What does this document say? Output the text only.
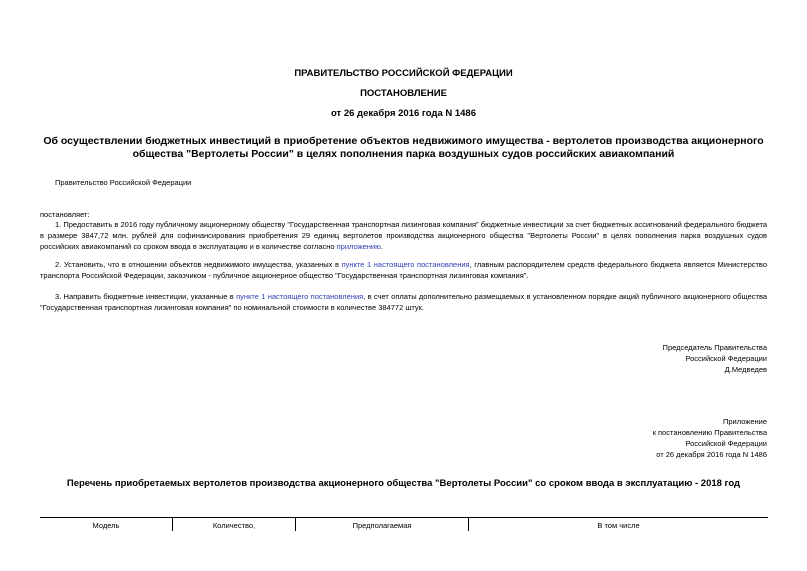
ПРАВИТЕЛЬСТВО РОССИЙСКОЙ ФЕДЕРАЦИИ
ПОСТАНОВЛЕНИЕ
от 26 декабря 2016 года N 1486
Об осуществлении бюджетных инвестиций в приобретение объектов недвижимого имущества - вертолетов производства акционерного общества "Вертолеты России" в целях пополнения парка воздушных судов российских авиакомпаний
Правительство Российской Федерации
постановляет:
1. Предоставить в 2016 году публичному акционерному обществу "Государственная транспортная лизинговая компания" бюджетные инвестиции за счет бюджетных ассигнований федерального бюджета в размере 3847,72 млн. рублей для софинансирования приобретения 29 единиц вертолетов производства акционерного общества "Вертолеты России" в целях пополнения парка воздушных судов российских авиакомпаний со сроком ввода в эксплуатацию и в количестве согласно приложению.
2. Установить, что в отношении объектов недвижимого имущества, указанных в пункте 1 настоящего постановления, главным распорядителем средств федерального бюджета является Министерство транспорта Российской Федерации, заказчиком - публичное акционерное общество "Государственная транспортная лизинговая компания".
3. Направить бюджетные инвестиции, указанные в пункте 1 настоящего постановления, в счет оплаты дополнительно размещаемых в установленном порядке акций публичного акционерного общества "Государственная транспортная лизинговая компания" по номинальной стоимости в количестве 384772 штук.
Председатель Правительства
Российской Федерации
Д.Медведев
Приложение
к постановлению Правительства
Российской Федерации
от 26 декабря 2016 года N 1486
Перечень приобретаемых вертолетов производства акционерного общества "Вертолеты России" со сроком ввода в эксплуатацию - 2018 год
Модель	Количество,	Предполагаемая	В том числе
